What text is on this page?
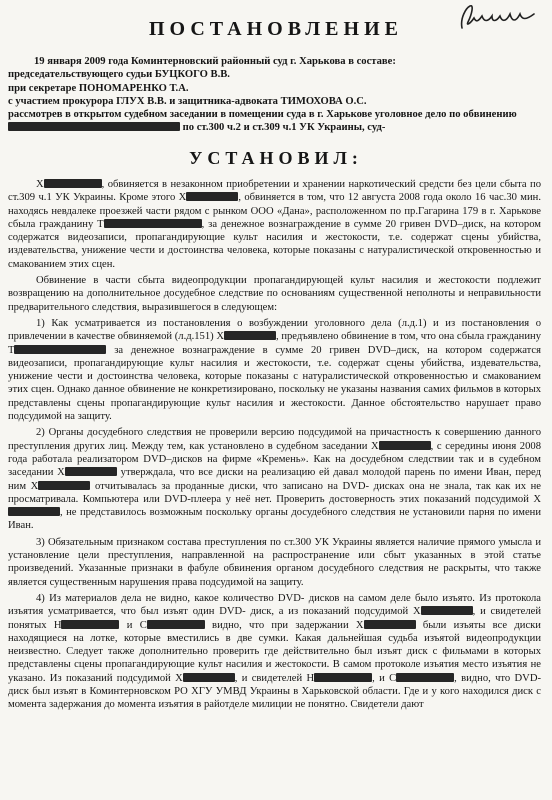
ПОСТАНОВЛЕНИЕ
19 января 2009 года Коминтерновский районный суд г. Харькова в составе:
председательствующего судьи БУЦКОГО В.В.
при секретаре ПОНОМАРЕНКО Т.А.
с участием прокурора ГЛУХ В.В. и защитника-адвоката ТИМОХОВА О.С.
рассмотрев в открытом судебном заседании в помещении суда в г. Харькове уголовное дело по обвинению
по ст.300 ч.2 и ст.309 ч.1 УК Украины, суд-
УСТАНОВИЛ:

Х	, обвиняется в незаконном приобретении и хранении наркотический средсти без цели сбыта по ст.309 ч.1 УК Украины. Кроме этого Х	, обвиняется в том, что 12 августа 2008 года около 16 час.30 мин. находясь невдалеке проезжей части рядом с рынком ООО «Дана», расположенном по пр.Гагарина 179 в г. Харькове сбыла гражданину Т	, за денежное вознаграждение в сумме 20 гривен DVD–диск, на котором содержатся видеозаписи, пропагандирующие культ насилия и жестокости, т.е. содержат сцены убийства, издевательства, унижение чести и достоинства человека, которые показаны с натуралистической откровенностью и смакованием этих сцен.

Обвинение в части сбыта видеопродукции пропагандирующей культ насилия и жестокости подлежит возвращению на дополнительное досудебное следствие по основаниям существенной неполноты и неправильности предварительного следствия, выразившегося в следующем:

1) Как усматривается из постановления о возбуждении уголовного дела (л.д.1) и из постановления о привлечении в качестве обвиняемой (л.д.151) Х	, предъявлено обвинение в том, что она сбыла гражданину Т	за денежное вознаграждение в сумме 20 гривен DVD–диск, на котором содержатся видеозаписи, пропагандирующие культ насилия и жестокости, т.е. содержат сцены убийства, издевательства, унижение чести и достоинства человека, которые показаны с натуралистической откровенностью и смакованием этих сцен. Однако данное обвинение не конкретизировано, поскольку не указаны названия самих фильмов в которых представлены сцены пропагандирующие культ насилия и жестокости. Данное обстоятельство нарушает право подсудимой на защиту.

2) Органы досудебного следствия не проверили версию подсудимой на причастность к совершению данного преступления других лиц. Между тем, как установлено в судебном заседании Х	, с середины июня 2008 года работала реализатором DVD–дисков на фирме «Кремень». Как на досудебном следствии так и в судебном заседании Х	утверждала, что все диски на реализацию ей давал молодой парень по имени Иван, перед ним Х	отчитывалась за проданные диски, что записано на DVD- дисках она не знала, так как их не просматривала. Компьютера или DVD-плеера у неё нет. Проверить достоверность этих показаний подсудимой Х, не представилось возможным поскольку органы досудебного следствия не установили парня по имени Иван.

3) Обязательным признаком состава преступления по ст.300 УК Украины является наличие прямого умысла и установление цели преступления, направленной на распространение или сбыт указанных в этой статье произведений. Указанные признаки в фабуле обвинения органом досудебного следствия не раскрыты, что также является существенным нарушения права подсудимой на защиту.

4) Из материалов дела не видно, какое количество DVD- дисков на самом деле было изъято. Из протокола изъятия усматривается, что был изъят один DVD- диск, а из показаний подсудимой Х	, и свидетелей понятых Н	и С	видно, что при задержании Х	были изъяты все диски находящиеся на лотке, которые вместились в две сумки. Какая дальнейшая судьба изъятой видеопродукции неизвестно. Следует также дополнительно проверить где действительно был изъят диск с фильмами в которых представлены сцены пропагандирующие культ насилия и жестокости. В самом протоколе изъятия место изъятия не указано. Из показаний подсудимой Х	, и свидетелей Н	, и С	, видно, что DVD- диск был изъят в Коминтерновском РО ХГУ УМВД Украины в Харьковской области. Где и у кого находился диск с момента задержания до момента изъятия в райотделе милиции не понятно. Свидетели дают
